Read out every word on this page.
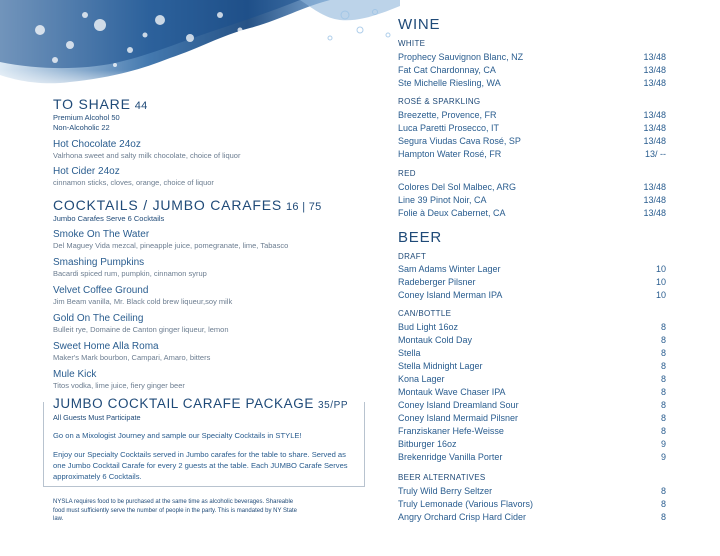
TO SHARE 44
Premium Alcohol 50
Non-Alcoholic 22
Hot Chocolate 24oz
Valrhona sweet and salty milk chocolate, choice of liquor
Hot Cider 24oz
cinnamon sticks, cloves, orange, choice of liquor
COCKTAILS / JUMBO CARAFES 16 | 75
Jumbo Carafes Serve 6 Cocktails
Smoke On The Water
Del Maguey Vida mezcal, pineapple juice, pomegranate, lime, Tabasco
Smashing Pumpkins
Bacardi spiced rum, pumpkin, cinnamon syrup
Velvet Coffee Ground
Jim Beam vanilla, Mr. Black cold brew liqueur,soy milk
Gold On The Ceiling
Bulleit rye, Domaine de Canton ginger liqueur, lemon
Sweet Home Alla Roma
Maker's Mark bourbon, Campari, Amaro, bitters
Mule Kick
Titos vodka, lime juice, fiery ginger beer
JUMBO COCKTAIL CARAFE PACKAGE 35/PP

All Guests Must Participate

Go on a Mixologist Journey and sample our Specialty Cocktails in STYLE!

Enjoy our Specialty Cocktails served in Jumbo carafes for the table to share. Served as one Jumbo Cocktail Carafe for every 2 guests at the table. Each JUMBO Carafe Serves approximately 6 Cocktails.

NYSLA requires food to be purchased at the same time as alcoholic beverages. Shareable food must sufficiently serve the number of people in the party. This is mandated by NY State law.
WINE
WHITE
Prophecy Sauvignon Blanc, NZ	13/48
Fat Cat Chardonnay, CA	13/48
Ste Michelle Riesling, WA	13/48
ROSÉ & SPARKLING
Breezette, Provence, FR	13/48
Luca Paretti Prosecco, IT	13/48
Segura Viudas Cava Rosé, SP	13/48
Hampton Water Rosé, FR	13/ --
RED
Colores Del Sol Malbec, ARG	13/48
Line 39 Pinot Noir, CA	13/48
Folie à Deux Cabernet, CA	13/48
BEER
DRAFT
Sam Adams Winter Lager	10
Radeberger Pilsner	10
Coney Island Merman IPA	10
CAN/BOTTLE
Bud Light 16oz	8
Montauk Cold Day	8
Stella	8
Stella Midnight Lager	8
Kona Lager	8
Montauk Wave Chaser IPA	8
Coney Island Dreamland Sour	8
Coney Island Mermaid Pilsner	8
Franziskaner Hefe-Weisse	8
Bitburger 16oz	9
Brekenridge Vanilla Porter	9
BEER ALTERNATIVES
Truly Wild Berry Seltzer	8
Truly Lemonade (Various Flavors)	8
Angry Orchard Crisp Hard Cider	8
